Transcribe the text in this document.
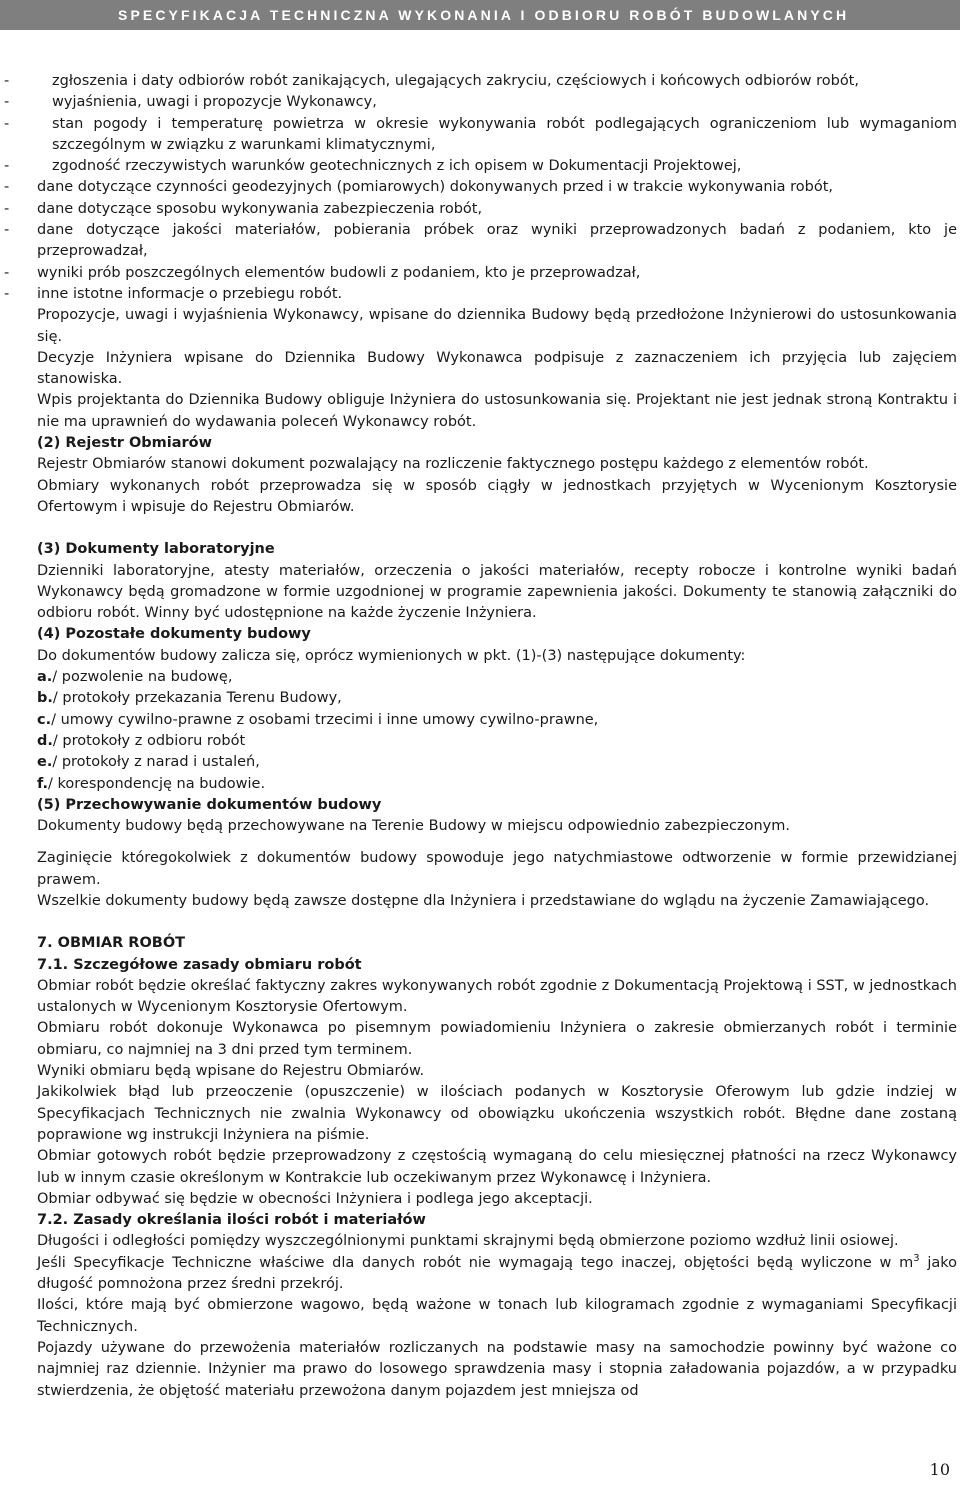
SPECYFIKACJA TECHNICZNA WYKONANIA I ODBIORU ROBÓT BUDOWLANYCH
-	zgłoszenia i daty odbiorów robót zanikających, ulegających zakryciu, częściowych i końcowych odbiorów robót,
-	wyjaśnienia, uwagi i propozycje Wykonawcy,
-	stan pogody i temperaturę powietrza w okresie wykonywania robót podlegających ograniczeniom lub wymaganiom szczególnym w związku z warunkami klimatycznymi,
-	zgodność rzeczywistych warunków geotechnicznych z ich opisem w Dokumentacji Projektowej,
- dane dotyczące czynności geodezyjnych (pomiarowych) dokonywanych przed i w trakcie wykonywania robót,
- dane dotyczące sposobu wykonywania zabezpieczenia robót,
- dane dotyczące jakości materiałów, pobierania próbek oraz wyniki przeprowadzonych badań z podaniem, kto je przeprowadzał,
- wyniki prób poszczególnych elementów budowli z podaniem, kto je przeprowadzał,
- inne istotne informacje o przebiegu robót.

Propozycje, uwagi i wyjaśnienia Wykonawcy, wpisane do dziennika Budowy będą przedłożone Inżynierowi do ustosunkowania się.

Decyzje Inżyniera wpisane do Dziennika Budowy Wykonawca podpisuje z zaznaczeniem ich przyjęcia lub zajęciem stanowiska.

Wpis projektanta do Dziennika Budowy obliguje Inżyniera do ustosunkowania się. Projektant nie jest jednak stroną Kontraktu i nie ma uprawnień do wydawania poleceń Wykonawcy robót.

(2) Rejestr Obmiarów

Rejestr Obmiarów stanowi dokument pozwalający na rozliczenie faktycznego postępu każdego z elementów robót.

Obmiary wykonanych robót przeprowadza się w sposób ciągły w jednostkach przyjętych w Wycenionym Kosztorysie Ofertowym i wpisuje do Rejestru Obmiarów.

(3) Dokumenty laboratoryjne

Dzienniki laboratoryjne, atesty materiałów, orzeczenia o jakości materiałów, recepty robocze i kontrolne wyniki badań Wykonawcy będą gromadzone w formie uzgodnionej w programie zapewnienia jakości. Dokumenty te stanowią załączniki do odbioru robót. Winny być udostępnione na każde życzenie Inżyniera.

(4) Pozostałe dokumenty budowy

Do dokumentów budowy zalicza się, oprócz wymienionych w pkt. (1)-(3) następujące dokumenty:

a./ pozwolenie na budowę,
b./ protokoły przekazania Terenu Budowy,
c./ umowy cywilno-prawne z osobami trzecimi i inne umowy cywilno-prawne,
d./ protokoły z odbioru robót
e./ protokoły z narad i ustaleń,
f./ korespondencję na budowie.

(5) Przechowywanie dokumentów budowy

Dokumenty budowy będą przechowywane na Terenie Budowy w miejscu odpowiednio zabezpieczonym.

Zaginięcie któregokolwiek z dokumentów budowy spowoduje jego natychmiastowe odtworzenie w formie przewidzianej prawem.

Wszelkie dokumenty budowy będą zawsze dostępne dla Inżyniera i przedstawiane do wglądu na życzenie Zamawiającego.

7. OBMIAR ROBÓT

7.1. Szczegółowe zasady obmiaru robót

Obmiar robót będzie określać faktyczny zakres wykonywanych robót zgodnie z Dokumentacją Projektową i SST, w jednostkach ustalonych w Wycenionym Kosztorysie Ofertowym.

Obmiaru robót dokonuje Wykonawca po pisemnym powiadomieniu Inżyniera o zakresie obmierzanych robót i terminie obmiaru, co najmniej na 3 dni przed tym terminem.

Wyniki obmiaru będą wpisane do Rejestru Obmiarów.

Jakikolwiek błąd lub przeoczenie (opuszczenie) w ilościach podanych w Kosztorysie Oferowym lub gdzie indziej w Specyfikacjach Technicznych nie zwalnia Wykonawcy od obowiązku ukończenia wszystkich robót. Błędne dane zostaną poprawione wg instrukcji Inżyniera na piśmie.

Obmiar gotowych robót będzie przeprowadzony z częstością wymaganą do celu miesięcznej płatności na rzecz Wykonawcy lub w innym czasie określonym w Kontrakcie lub oczekiwanym przez Wykonawcę i Inżyniera.

Obmiar odbywać się będzie w obecności Inżyniera i podlega jego akceptacji.

7.2. Zasady określania ilości robót i materiałów

Długości i odległości pomiędzy wyszczególnionymi punktami skrajnymi będą obmierzone poziomo wzdłuż linii osiowej.

Jeśli Specyfikacje Techniczne właściwe dla danych robót nie wymagają tego inaczej, objętości będą wyliczone w $m^3$ jako długość pomnożona przez średni przekrój.

Ilości, które mają być obmierzone wagowo, będą ważone w tonach lub kilogramach zgodnie z wymaganiami Specyfikacji Technicznych.

Pojazdy używane do przewożenia materiałów rozliczanych na podstawie masy na samochodzie powinny być ważone co najmniej raz dziennie. Inżynier ma prawo do losowego sprawdzenia masy i stopnia załadowania pojazdów, a w przypadku stwierdzenia, że objętość materiału przewożona danym pojazdem jest mniejsza od

10
